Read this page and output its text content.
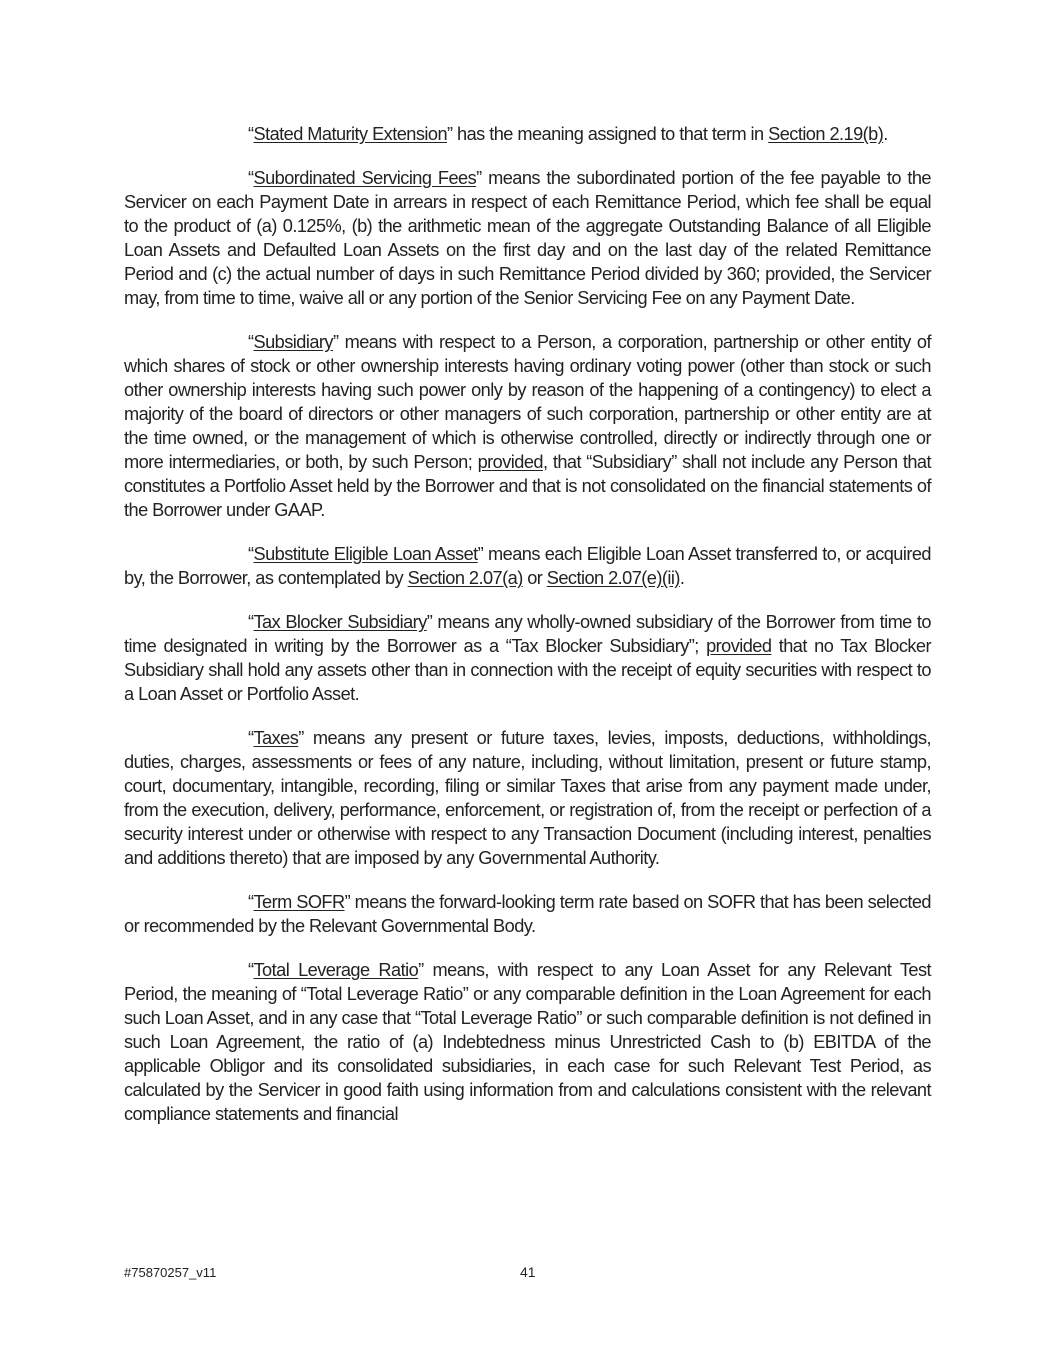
“Stated Maturity Extension” has the meaning assigned to that term in Section 2.19(b).

“Subordinated Servicing Fees” means the subordinated portion of the fee payable to the Servicer on each Payment Date in arrears in respect of each Remittance Period, which fee shall be equal to the product of (a) 0.125%, (b) the arithmetic mean of the aggregate Outstanding Balance of all Eligible Loan Assets and Defaulted Loan Assets on the first day and on the last day of the related Remittance Period and (c) the actual number of days in such Remittance Period divided by 360; provided, the Servicer may, from time to time, waive all or any portion of the Senior Servicing Fee on any Payment Date.

“Subsidiary” means with respect to a Person, a corporation, partnership or other entity of which shares of stock or other ownership interests having ordinary voting power (other than stock or such other ownership interests having such power only by reason of the happening of a contingency) to elect a majority of the board of directors or other managers of such corporation, partnership or other entity are at the time owned, or the management of which is otherwise controlled, directly or indirectly through one or more intermediaries, or both, by such Person; provided, that “Subsidiary” shall not include any Person that constitutes a Portfolio Asset held by the Borrower and that is not consolidated on the financial statements of the Borrower under GAAP.

“Substitute Eligible Loan Asset” means each Eligible Loan Asset transferred to, or acquired by, the Borrower, as contemplated by Section 2.07(a) or Section 2.07(e)(ii).

“Tax Blocker Subsidiary” means any wholly-owned subsidiary of the Borrower from time to time designated in writing by the Borrower as a “Tax Blocker Subsidiary”; provided that no Tax Blocker Subsidiary shall hold any assets other than in connection with the receipt of equity securities with respect to a Loan Asset or Portfolio Asset.

“Taxes” means any present or future taxes, levies, imposts, deductions, withholdings, duties, charges, assessments or fees of any nature, including, without limitation, present or future stamp, court, documentary, intangible, recording, filing or similar Taxes that arise from any payment made under, from the execution, delivery, performance, enforcement, or registration of, from the receipt or perfection of a security interest under or otherwise with respect to any Transaction Document (including interest, penalties and additions thereto) that are imposed by any Governmental Authority.

“Term SOFR” means the forward-looking term rate based on SOFR that has been selected or recommended by the Relevant Governmental Body.

“Total Leverage Ratio” means, with respect to any Loan Asset for any Relevant Test Period, the meaning of “Total Leverage Ratio” or any comparable definition in the Loan Agreement for each such Loan Asset, and in any case that “Total Leverage Ratio” or such comparable definition is not defined in such Loan Agreement, the ratio of (a) Indebtedness minus Unrestricted Cash to (b) EBITDA of the applicable Obligor and its consolidated subsidiaries, in each case for such Relevant Test Period, as calculated by the Servicer in good faith using information from and calculations consistent with the relevant compliance statements and financial

#75870257_v11	41
